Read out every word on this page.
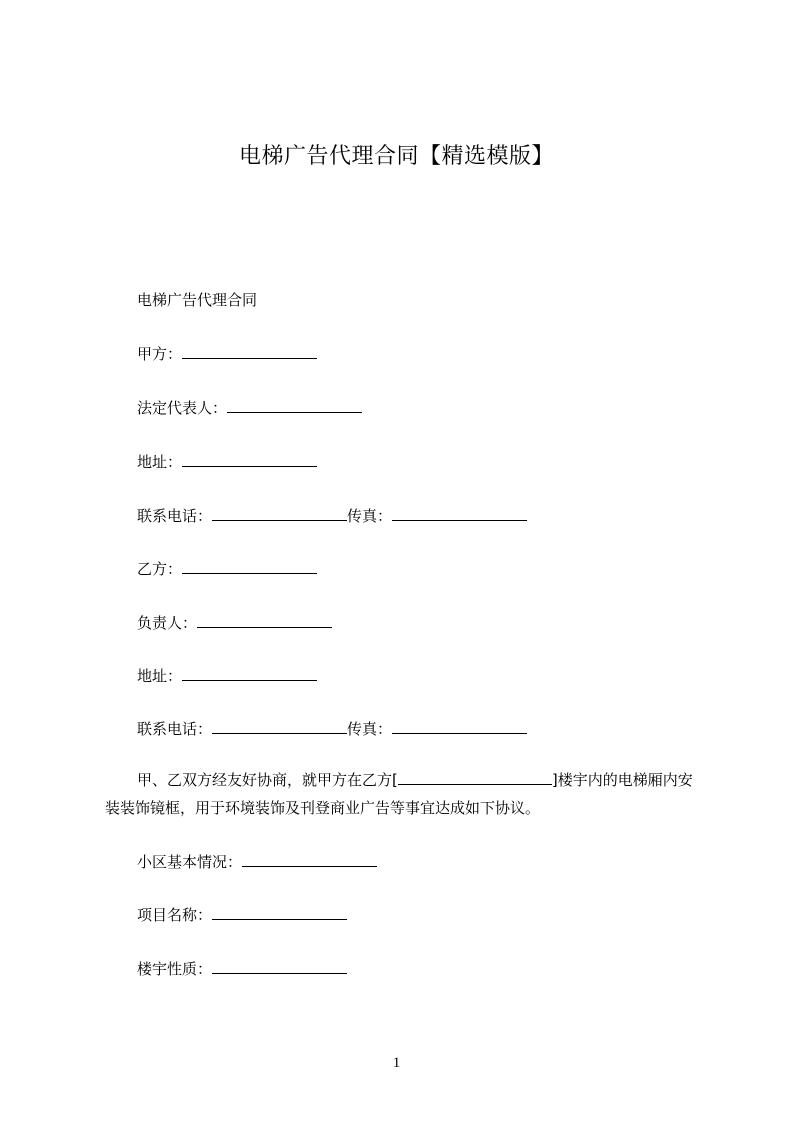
电梯广告代理合同【精选模版】
电梯广告代理合同
甲方：
法定代表人：
地址：
联系电话：	传真：
乙方：
负责人：
地址：
联系电话：	传真：
甲、乙双方经友好协商，就甲方在乙方[	]楼宇内的电梯厢内安装装饰镜框，用于环境装饰及刊登商业广告等事宜达成如下协议。
小区基本情况：
项目名称：
楼宇性质：
1
